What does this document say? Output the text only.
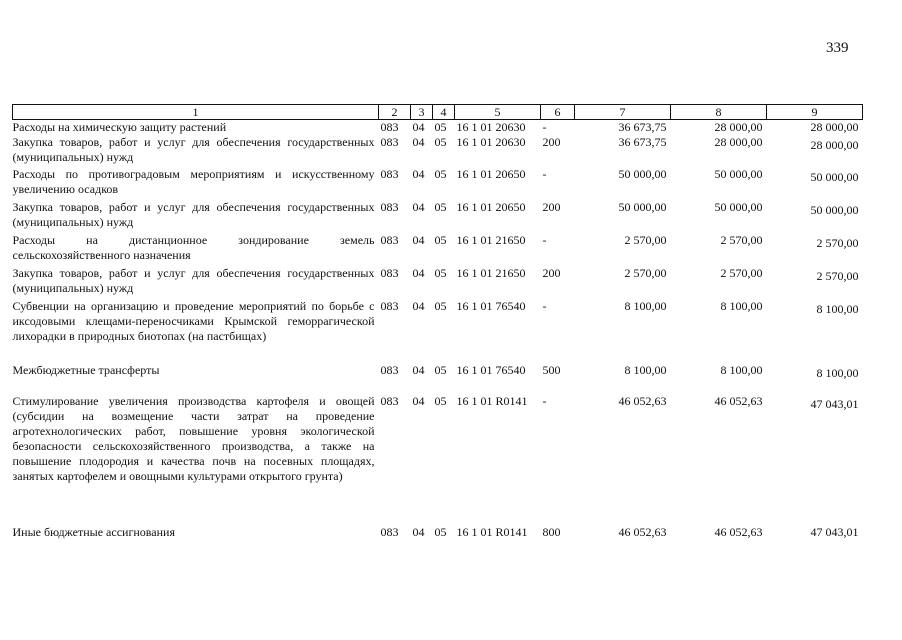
339
1	2	3	4	5	6	7	8	9
Расходы на химическую защиту растений	083	04	05	16 1 01 20630	-	36 673,75	28 000,00	28 000,00
Закупка товаров, работ и услуг для обеспечения государственных (муниципальных) нужд	083	04	05	16 1 01 20630	200	36 673,75	28 000,00	28 000,00
Расходы по противоградовым мероприятиям и искусственному увеличению осадков	083	04	05	16 1 01 20650	-	50 000,00	50 000,00	50 000,00
Закупка товаров, работ и услуг для обеспечения государственных (муниципальных) нужд	083	04	05	16 1 01 20650	200	50 000,00	50 000,00	50 000,00
Расходы на дистанционное зондирование земель сельскохозяйственного назначения	083	04	05	16 1 01 21650	-	2 570,00	2 570,00	2 570,00
Закупка товаров, работ и услуг для обеспечения государственных (муниципальных) нужд	083	04	05	16 1 01 21650	200	2 570,00	2 570,00	2 570,00
Субвенции на организацию и проведение мероприятий по борьбе с иксодовыми клещами-переносчиками Крымской геморрагической лихорадки в природных биотопах (на пастбищах)	083	04	05	16 1 01 76540	-	8 100,00	8 100,00	8 100,00
Межбюджетные трансферты	083	04	05	16 1 01 76540	500	8 100,00	8 100,00	8 100,00
Стимулирование увеличения производства картофеля и овощей (субсидии на возмещение части затрат на проведение агротехнологических работ, повышение уровня экологической безопасности сельскохозяйственного производства, а также на повышение плодородия и качества почв на посевных площадях, занятых картофелем и овощными культурами открытого грунта)	083	04	05	16 1 01 R0141	-	46 052,63	46 052,63	47 043,01
Иные бюджетные ассигнования	083	04	05	16 1 01 R0141	800	46 052,63	46 052,63	47 043,01
